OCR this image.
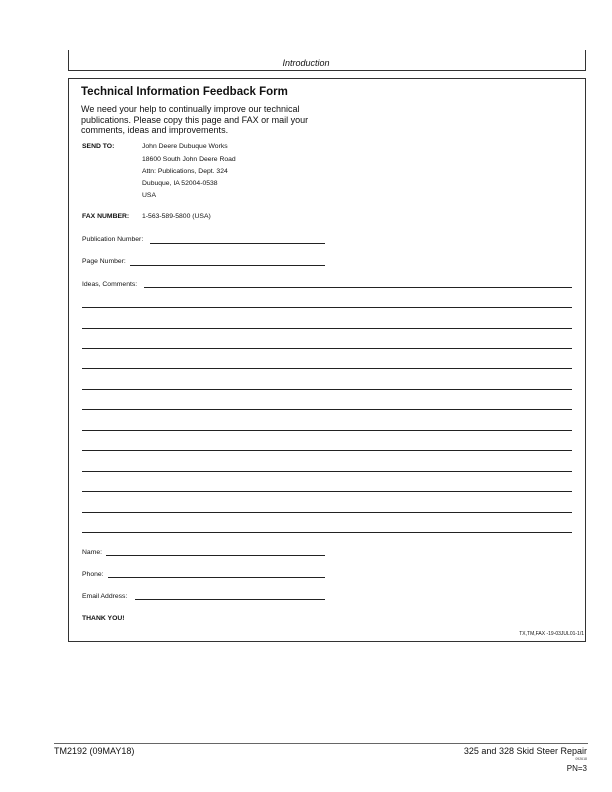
Introduction
Technical Information Feedback Form
We need your help to continually improve our technical
publications. Please copy this page and FAX or mail your
comments, ideas and improvements.
SEND TO:	John Deere Dubuque Works
18600 South John Deere Road
Attn: Publications, Dept. 324
Dubuque, IA 52004-0538
USA
FAX NUMBER: 1-563-589-5800 (USA)
Publication Number:
Page Number:
Ideas, Comments:
Name:
Phone:
Email Address:
THANK YOU!
TX,TM,FAX -19-03JUL01-1/1
TM2192 (09MAY18)	325 and 328 Skid Steer Repair
092618
PN=3
